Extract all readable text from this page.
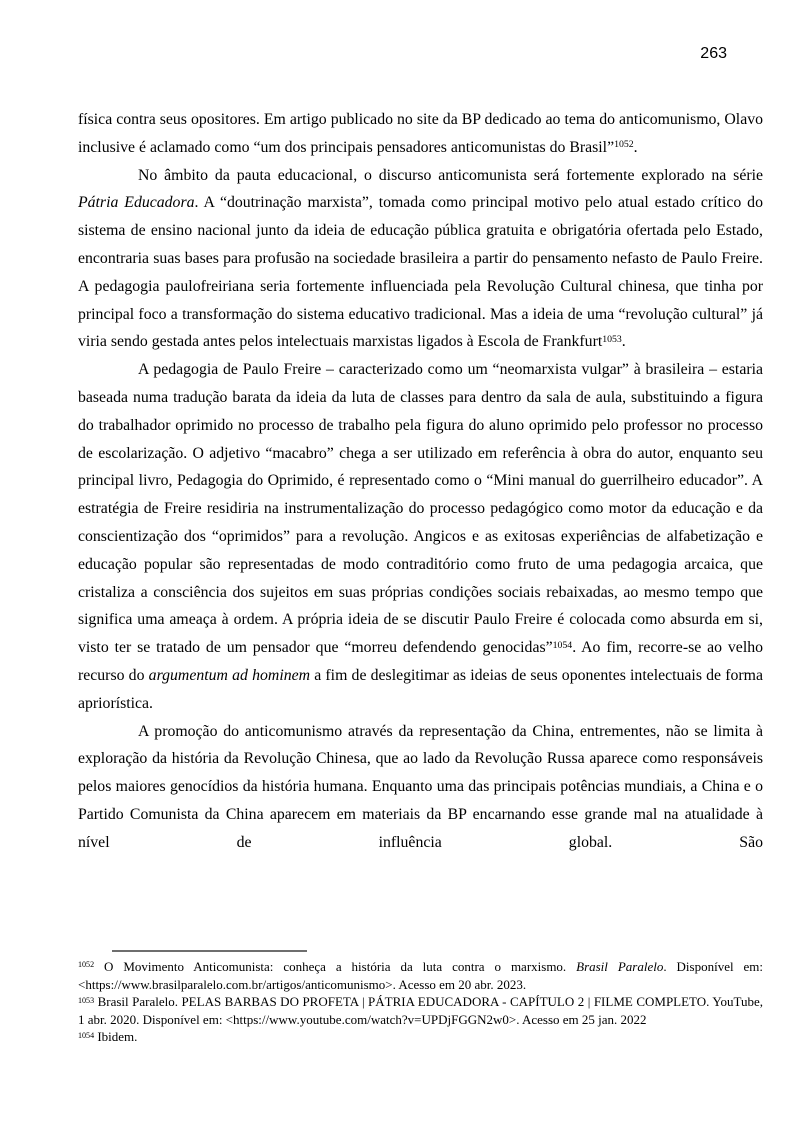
263

física contra seus opositores. Em artigo publicado no site da BP dedicado ao tema do anticomunismo, Olavo inclusive é aclamado como “um dos principais pensadores anticomunistas do Brasil”$^{1052}$.

No âmbito da pauta educacional, o discurso anticomunista será fortemente explorado na série Pátria Educadora. A “doutrinação marxista”, tomada como principal motivo pelo atual estado crítico do sistema de ensino nacional junto da ideia de educação pública gratuita e obrigatória ofertada pelo Estado, encontraria suas bases para profusão na sociedade brasileira a partir do pensamento nefasto de Paulo Freire. A pedagogia paulofreiriana seria fortemente influenciada pela Revolução Cultural chinesa, que tinha por principal foco a transformação do sistema educativo tradicional. Mas a ideia de uma “revolução cultural” já viria sendo gestada antes pelos intelectuais marxistas ligados à Escola de Frankfurt$^{1053}$.

A pedagogia de Paulo Freire – caracterizado como um “neomarxista vulgar” à brasileira – estaria baseada numa tradução barata da ideia da luta de classes para dentro da sala de aula, substituindo a figura do trabalhador oprimido no processo de trabalho pela figura do aluno oprimido pelo professor no processo de escolarização. O adjetivo “macabro” chega a ser utilizado em referência à obra do autor, enquanto seu principal livro, Pedagogia do Oprimido, é representado como o “Mini manual do guerrilheiro educador”. A estratégia de Freire residiria na instrumentalização do processo pedagógico como motor da educação e da conscientização dos “oprimidos” para a revolução. Angicos e as exitosas experiências de alfabetização e educação popular são representadas de modo contraditório como fruto de uma pedagogia arcaica, que cristaliza a consciência dos sujeitos em suas próprias condições sociais rebaixadas, ao mesmo tempo que significa uma ameaça à ordem. A própria ideia de se discutir Paulo Freire é colocada como absurda em si, visto ter se tratado de um pensador que “morreu defendendo genocidas”$^{1054}$. Ao fim, recorre-se ao velho recurso do argumentum ad hominem a fim de deslegitimar as ideias de seus oponentes intelectuais de forma apriorística.

A promoção do anticomunismo através da representação da China, entrementes, não se limita à exploração da história da Revolução Chinesa, que ao lado da Revolução Russa aparece como responsáveis pelos maiores genocídios da história humana. Enquanto uma das principais potências mundiais, a China e o Partido Comunista da China aparecem em materiais da BP encarnando esse grande mal na atualidade à nível de influência global. São

$^{1052}$ O Movimento Anticomunista: conheça a história da luta contra o marxismo. Brasil Paralelo. Disponível em: <https://www.brasilparalelo.com.br/artigos/anticomunismo>. Acesso em 20 abr. 2023.

$^{1053}$ Brasil Paralelo. PELAS BARBAS DO PROFETA | PÁTRIA EDUCADORA - CAPÍTULO 2 | FILME COMPLETO. YouTube, 1 abr. 2020. Disponível em: <https://www.youtube.com/watch?v=UPDjFGGN2w0>. Acesso em 25 jan. 2022

$^{1054}$ Ibidem.
